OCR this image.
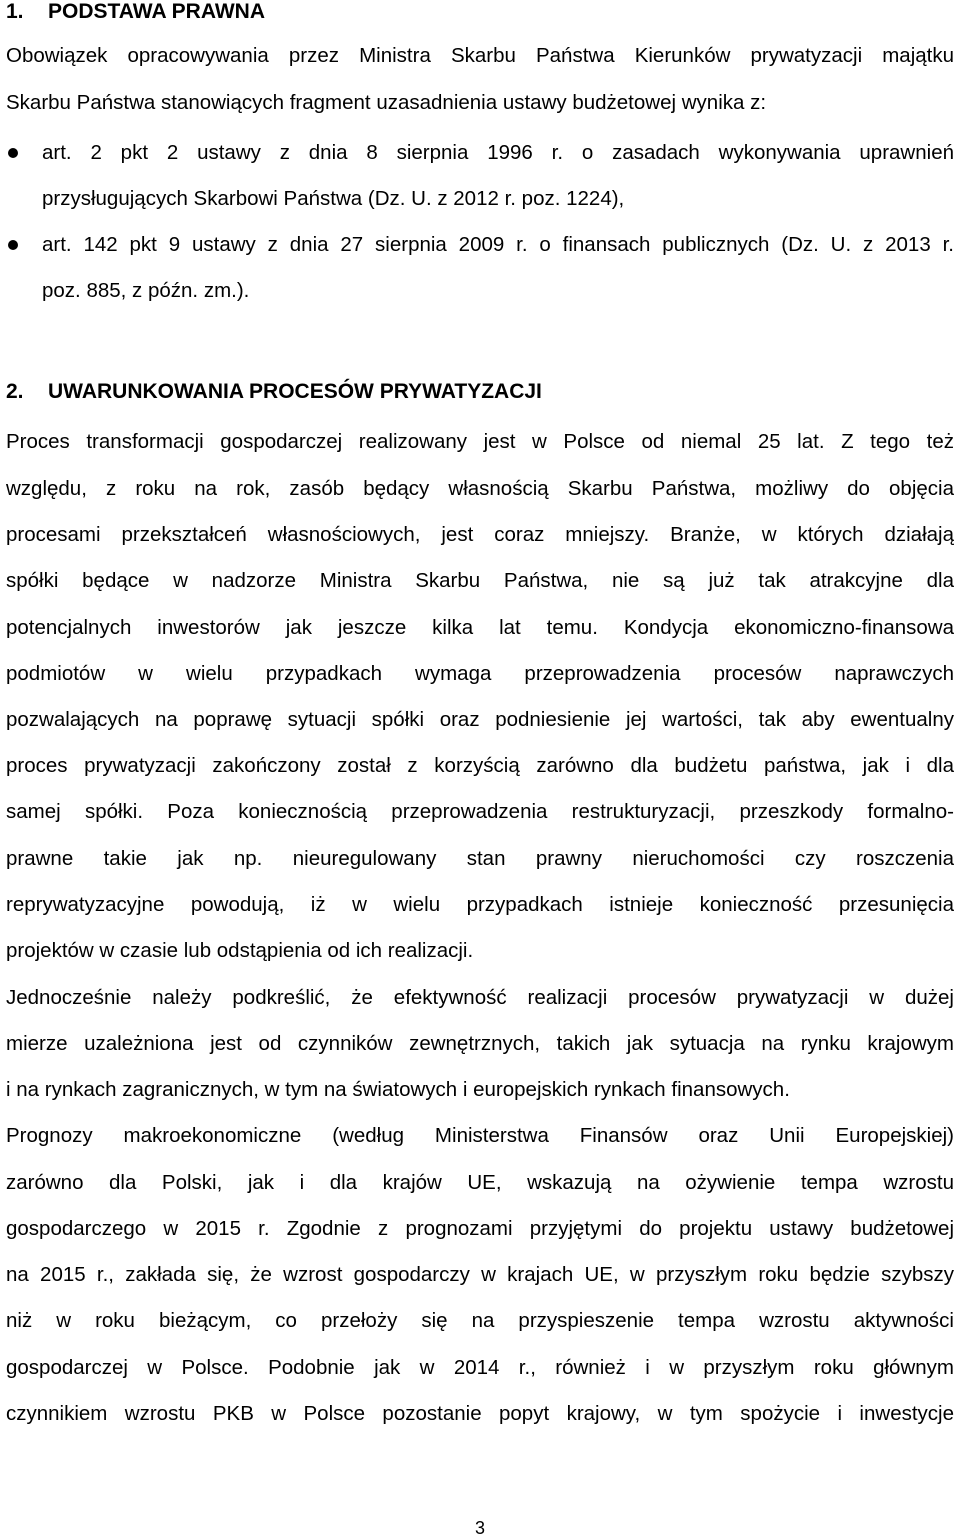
1. PODSTAWA PRAWNA
Obowiązek opracowywania przez Ministra Skarbu Państwa Kierunków prywatyzacji majątku
Skarbu Państwa stanowiących fragment uzasadnienia ustawy budżetowej wynika z:
art. 2 pkt 2 ustawy z dnia 8 sierpnia 1996 r. o zasadach wykonywania uprawnień
przysługujących Skarbowi Państwa (Dz. U. z 2012 r. poz. 1224),
art. 142 pkt 9 ustawy z dnia 27 sierpnia 2009 r. o finansach publicznych (Dz. U. z 2013 r.
poz. 885, z późn. zm.).
2. UWARUNKOWANIA PROCESÓW PRYWATYZACJI
Proces transformacji gospodarczej realizowany jest w Polsce od niemal 25 lat. Z tego też
względu, z roku na rok, zasób będący własnością Skarbu Państwa, możliwy do objęcia
procesami przekształceń własnościowych, jest coraz mniejszy. Branże, w których działają
spółki będące w nadzorze Ministra Skarbu Państwa, nie są już tak atrakcyjne dla
potencjalnych inwestorów jak jeszcze kilka lat temu. Kondycja ekonomiczno-finansowa
podmiotów w wielu przypadkach wymaga przeprowadzenia procesów naprawczych
pozwalających na poprawę sytuacji spółki oraz podniesienie jej wartości, tak aby ewentualny
proces prywatyzacji zakończony został z korzyścią zarówno dla budżetu państwa, jak i dla
samej spółki. Poza koniecznością przeprowadzenia restrukturyzacji, przeszkody formalno-
prawne takie jak np. nieuregulowany stan prawny nieruchomości czy roszczenia
reprywatyzacyjne powodują, iż w wielu przypadkach istnieje konieczność przesunięcia
projektów w czasie lub odstąpienia od ich realizacji.
Jednocześnie należy podkreślić, że efektywność realizacji procesów prywatyzacji w dużej
mierze uzależniona jest od czynników zewnętrznych, takich jak sytuacja na rynku krajowym
i na rynkach zagranicznych, w tym na światowych i europejskich rynkach finansowych.
Prognozy makroekonomiczne (według Ministerstwa Finansów oraz Unii Europejskiej)
zarówno dla Polski, jak i dla krajów UE, wskazują na ożywienie tempa wzrostu
gospodarczego w 2015 r. Zgodnie z prognozami przyjętymi do projektu ustawy budżetowej
na 2015 r., zakłada się, że wzrost gospodarczy w krajach UE, w przyszłym roku będzie szybszy
niż w roku bieżącym, co przełoży się na przyspieszenie tempa wzrostu aktywności
gospodarczej w Polsce. Podobnie jak w 2014 r., również i w przyszłym roku głównym
czynnikiem wzrostu PKB w Polsce pozostanie popyt krajowy, w tym spożycie i inwestycje
3
